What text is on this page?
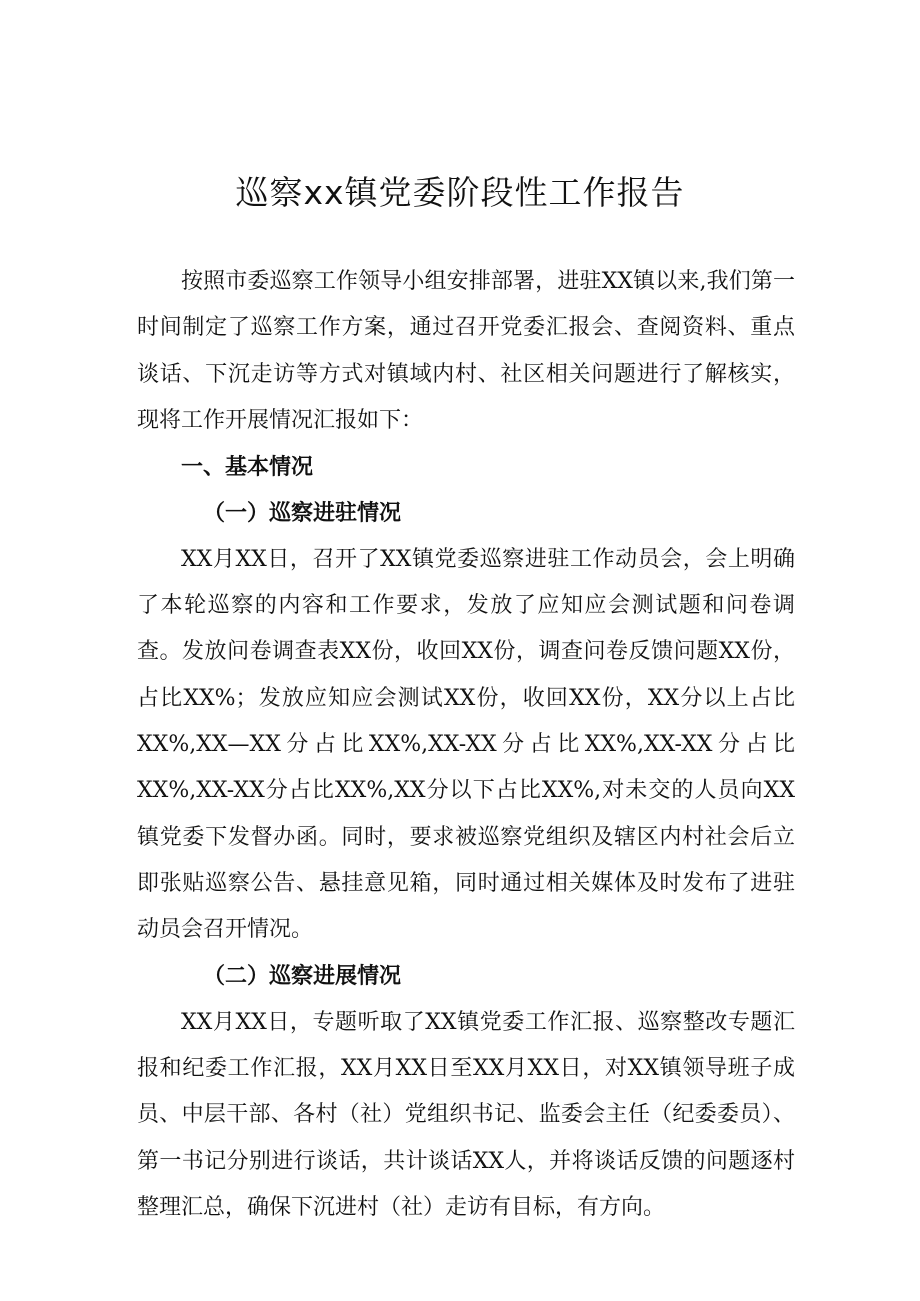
巡察xx镇党委阶段性工作报告

按照市委巡察工作领导小组安排部署，进驻XX镇以来,我们第一时间制定了巡察工作方案，通过召开党委汇报会、查阅资料、重点谈话、下沉走访等方式对镇域内村、社区相关问题进行了解核实，现将工作开展情况汇报如下：

一、基本情况

（一）巡察进驻情况

XX月XX日，召开了XX镇党委巡察进驻工作动员会，会上明确了本轮巡察的内容和工作要求，发放了应知应会测试题和问卷调查。发放问卷调查表XX份，收回XX份，调查问卷反馈问题XX份，占比XX%；发放应知应会测试XX份，收回XX份，XX分以上占比XX%,XX—XX分占比XX%,XX-XX分占比XX%,XX-XX分占比XX%,XX-XX分占比XX%,XX分以下占比XX%,对未交的人员向XX镇党委下发督办函。同时，要求被巡察党组织及辖区内村社会后立即张贴巡察公告、悬挂意见箱，同时通过相关媒体及时发布了进驻动员会召开情况。

（二）巡察进展情况

XX月XX日，专题听取了XX镇党委工作汇报、巡察整改专题汇报和纪委工作汇报，XX月XX日至XX月XX日，对XX镇领导班子成员、中层干部、各村（社）党组织书记、监委会主任（纪委委员）、第一书记分别进行谈话，共计谈话XX人，并将谈话反馈的问题逐村整理汇总，确保下沉进村（社）走访有目标，有方向。
